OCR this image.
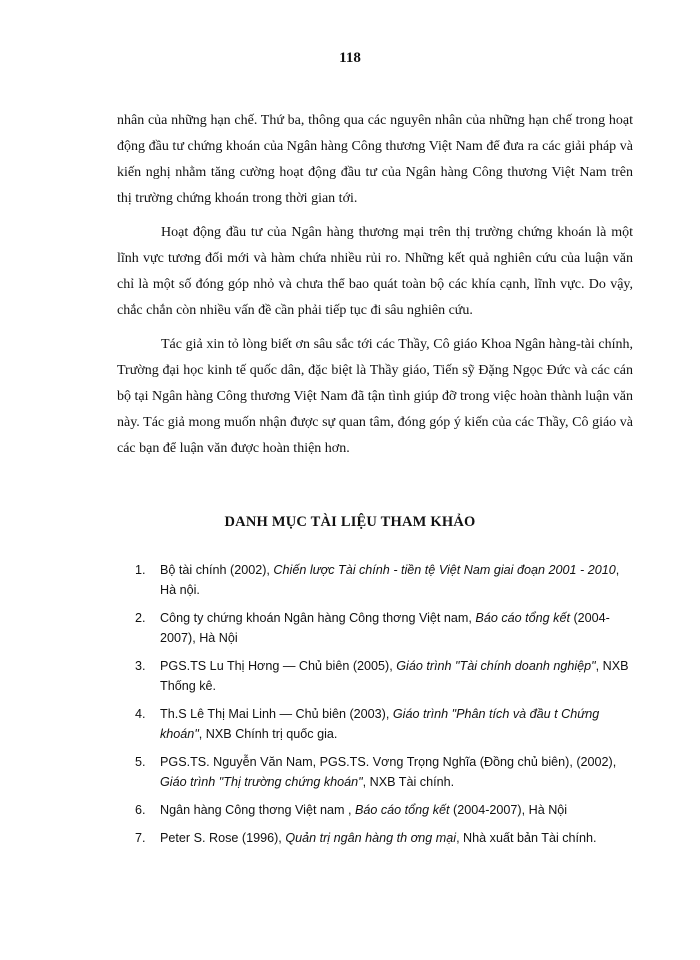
118

nhân của những hạn chế. Thứ ba, thông qua các nguyên nhân của những hạn chế trong hoạt động đầu tư chứng khoán của Ngân hàng Công thương Việt Nam để đưa ra các giải pháp và kiến nghị nhằm tăng cường hoạt động đầu tư của Ngân hàng Công thương Việt Nam trên thị trường chứng khoán trong thời gian tới.

Hoạt động đầu tư của Ngân hàng thương mại trên thị trường chứng khoán là một lĩnh vực tương đối mới và hàm chứa nhiều rủi ro. Những kết quả nghiên cứu của luận văn chỉ là một số đóng góp nhỏ và chưa thể bao quát toàn bộ các khía cạnh, lĩnh vực. Do vậy, chắc chắn còn nhiều vấn đề cần phải tiếp tục đi sâu nghiên cứu.

Tác giả xin tỏ lòng biết ơn sâu sắc tới các Thầy, Cô giáo Khoa Ngân hàng-tài chính, Trường đại học kinh tế quốc dân, đặc biệt là Thầy giáo, Tiến sỹ Đặng Ngọc Đức và các cán bộ tại Ngân hàng Công thương Việt Nam đã tận tình giúp đỡ trong việc hoàn thành luận văn này. Tác giả mong muốn nhận được sự quan tâm, đóng góp ý kiến của các Thầy, Cô giáo và các bạn để luận văn được hoàn thiện hơn.

DANH MỤC TÀI LIỆU THAM KHẢO
1. Bộ tài chính (2002), Chiến lược Tài chính - tiền tệ Việt Nam giai đoạn 2001 - 2010, Hà nội.
2. Công ty chứng khoán Ngân hàng Công thơng Việt nam, Báo cáo tổng kết (2004-2007), Hà Nội
3. PGS.TS Lu Thị Hơng — Chủ biên (2005), Giáo trình "Tài chính doanh nghiệp", NXB Thống kê.
4. Th.S Lê Thị Mai Linh — Chủ biên (2003), Giáo trình "Phân tích và đầu t Chứng khoán", NXB Chính trị quốc gia.
5. PGS.TS. Nguyễn Văn Nam, PGS.TS. Vơng Trọng Nghĩa (Đồng chủ biên), (2002), Giáo trình "Thị trường chứng khoán", NXB Tài chính.
6. Ngân hàng Công thơng Việt nam , Báo cáo tổng kết (2004-2007), Hà Nội
7. Peter S. Rose (1996), Quản trị ngân hàng th ơng mại, Nhà xuất bản Tài chính.
